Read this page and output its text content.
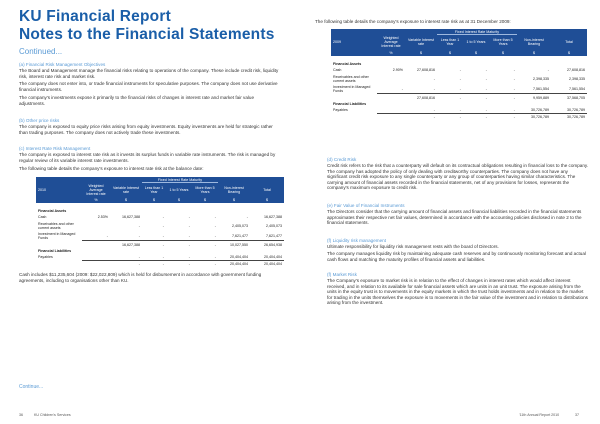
KU Financial Report
Notes to the Financial Statements
Continued...
(a) Financial Risk Management Objectives
The Board and Management manage the financial risks relating to operations of the company. These include credit risk, liquidity risk, interest rate risk and market risk.
The company does not enter into, or trade financial instruments for speculative purposes. The company does not use derivative financial instruments.
The company's investments expose it primarily to the financial risks of changes in interest rate and market fair value adjustments.
(b) Other price risks
The company is exposed to equity price risks arising from equity investments. Equity investments are held for strategic rather than trading purposes. The company does not actively trade these investments.
(c) Interest Rate Risk Management
The company is exposed to interest rate risk as it invests its surplus funds in variable rate instruments. The risk is managed by regular review of its variable interest rate investments.
The following table details the company's exposure to interest rate risk at the balance date:
			Fixed Interest Rate Maturity				
2010	Weighted Average Interest rate	Variable Interest rate	Less than 1 Year	1 to 5 Years	More than 5 Years	Non-interest Bearing	Total
	%	$	$	$	$	$	$

Financial Assets							
Cash	2.53%	16,627,388	-	-	-	-	16,627,388
Receivables and other current assets		-	-	-	-	2,405,073	2,405,073
Investment in Managed Funds	-	-	-	-	-	7,621,477	7,621,477
		16,627,388	-	-	-	10,027,550	26,654,938
Financial Liabilities							
Payables		-	-	-	-	20,404,404	20,404,404
		-	-	-	-	20,404,404	20,404,404
Cash includes $11,235,604 (2009: $22,022,809) which is held for disbursement in accordance with government funding agreements, including to organisations other than KU.
Continue...
36	KU Children's Services
The following table details the company's exposure to interest rate risk as at 31 December 2009:
			Fixed Interest Rate Maturity				
2009	Weighted Average Interest rate	Variable Interest rate	Less than 1 Year	1 to 5 Years	More than 5 Years	Non-interest Bearing	Total
	%	$	$	$	$	$	$

Financial Assets							
Cash	2.90%	27,608,816	-	-	-	-	27,608,816
Receivables and other current assets		-	-	-	-	2,398,335	2,398,335
Investment in Managed Funds	-	-	-	-	-	7,561,554	7,561,554
		27,608,816	-	-	-	9,959,889	37,568,705
Financial Liabilities							
Payables		-	-	-	-	30,726,789	30,726,789
		-	-	-	-	30,726,789	30,726,789
(d) Credit Risk
Credit risk refers to the risk that a counterparty will default on its contractual obligations resulting in financial loss to the company. The company has adopted the policy of only dealing with creditworthy counterparties. The company does not have any significant credit risk exposure to any single counterparty or any group of counterparties having similar characteristics. The carrying amount of financial assets recorded in the financial statements, net of any provisions for losses, represents the company's maximum exposure to credit risk.
(e) Fair Value of Financial Instruments
The Directors consider that the carrying amount of financial assets and financial liabilities recorded in the financial statements approximates their respective net fair values, determined in accordance with the accounting policies disclosed in note 2 to the financial statements.
(f) Liquidity risk management
Ultimate responsibility for liquidity risk management rests with the board of Directors.
The company manages liquidity risk by maintaining adequate cash reserves and by continuously monitoring forecast and actual cash flows and matching the maturity profiles of financial assets and liabilities.
(f) Market Risk
The Company's exposure to market risk is in relation to the effect of changes in interest rates which would affect interest received, and in relation to its available for sale financial assets which are units in an unit trust. The exposure arising from the units in the equity trust is to movements in the equity markets in which the trust holds investments and in relation to the market for trading in the units themselves the exposure is to movements in the fair value of the investment and in relation to distributions arising from the investment.
'11th Annual Report 2010	37
